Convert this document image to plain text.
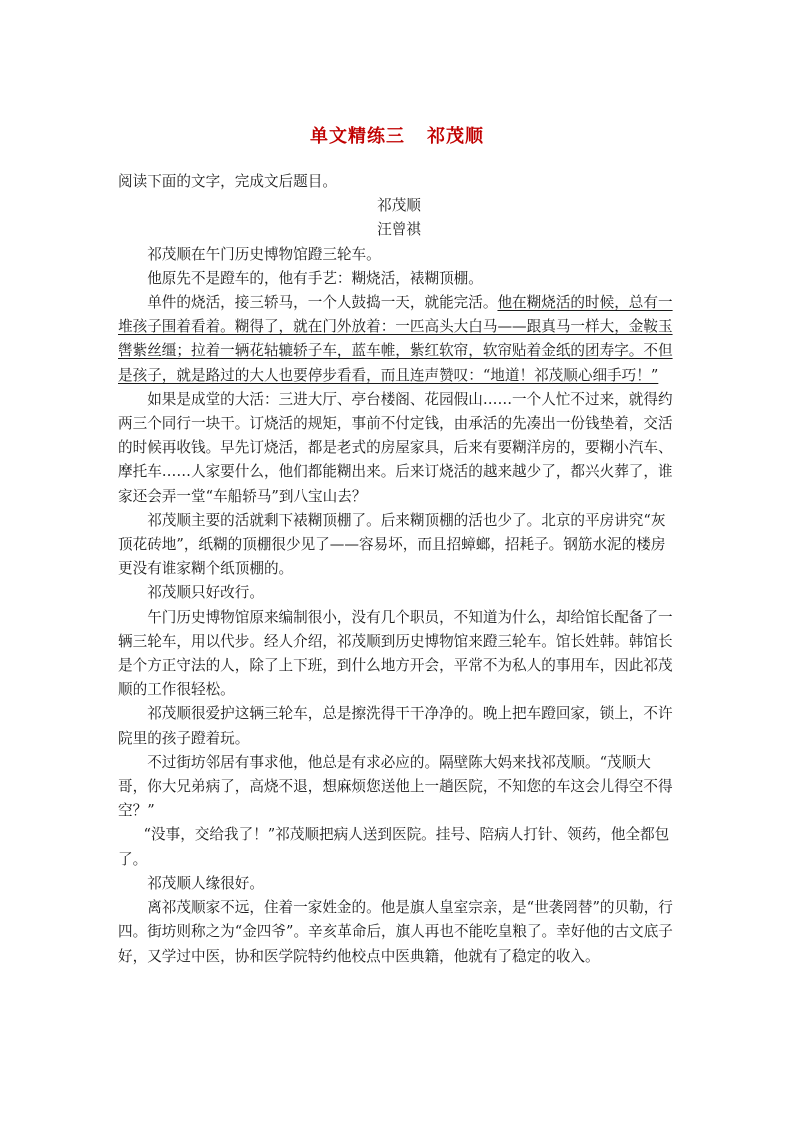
单文精练三 祁茂顺

阅读下面的文字，完成文后题目。

祁茂顺

汪曾祺

祁茂顺在午门历史博物馆蹬三轮车。

他原先不是蹬车的，他有手艺：糊烧活，裱糊顶棚。

单件的烧活，接三轿马，一个人鼓捣一天，就能完活。他在糊烧活的时候，总有一堆孩子围着看着。糊得了，就在门外放着：一匹高头大白马——跟真马一样大，金鞍玉辔紫丝缰；拉着一辆花轱辘轿子车，蓝车帷，紫红软帘，软帘贴着金纸的团寿字。不但是孩子，就是路过的大人也要停步看看，而且连声赞叹：“地道！祁茂顺心细手巧！”

如果是成堂的大活：三进大厅、亭台楼阁、花园假山……一个人忙不过来，就得约两三个同行一块干。订烧活的规矩，事前不付定钱，由承活的先凑出一份钱垫着，交活的时候再收钱。早先订烧活，都是老式的房屋家具，后来有要糊洋房的，要糊小汽车、摩托车……人家要什么，他们都能糊出来。后来订烧活的越来越少了，都兴火葬了，谁家还会弄一堂“车船轿马”到八宝山去？

祁茂顺主要的活就剩下裱糊顶棚了。后来糊顶棚的活也少了。北京的平房讲究“灰顶花砖地”，纸糊的顶棚很少见了——容易坏，而且招蟑螂，招耗子。钢筋水泥的楼房更没有谁家糊个纸顶棚的。

祁茂顺只好改行。

午门历史博物馆原来编制很小，没有几个职员，不知道为什么，却给馆长配备了一辆三轮车，用以代步。经人介绍，祁茂顺到历史博物馆来蹬三轮车。馆长姓韩。韩馆长是个方正守法的人，除了上下班，到什么地方开会，平常不为私人的事用车，因此祁茂顺的工作很轻松。

祁茂顺很爱护这辆三轮车，总是擦洗得干干净净的。晚上把车蹬回家，锁上，不许院里的孩子蹬着玩。

不过街坊邻居有事求他，他总是有求必应的。隔壁陈大妈来找祁茂顺。“茂顺大哥，你大兄弟病了，高烧不退，想麻烦您送他上一趟医院，不知您的车这会儿得空不得空？”

“没事，交给我了！”祁茂顺把病人送到医院。挂号、陪病人打针、领药，他全都包了。

祁茂顺人缘很好。

离祁茂顺家不远，住着一家姓金的。他是旗人皇室宗亲，是“世袭罔替”的贝勒，行四。街坊则称之为“金四爷”。辛亥革命后，旗人再也不能吃皇粮了。幸好他的古文底子好，又学过中医，协和医学院特约他校点中医典籍，他就有了稳定的收入。
